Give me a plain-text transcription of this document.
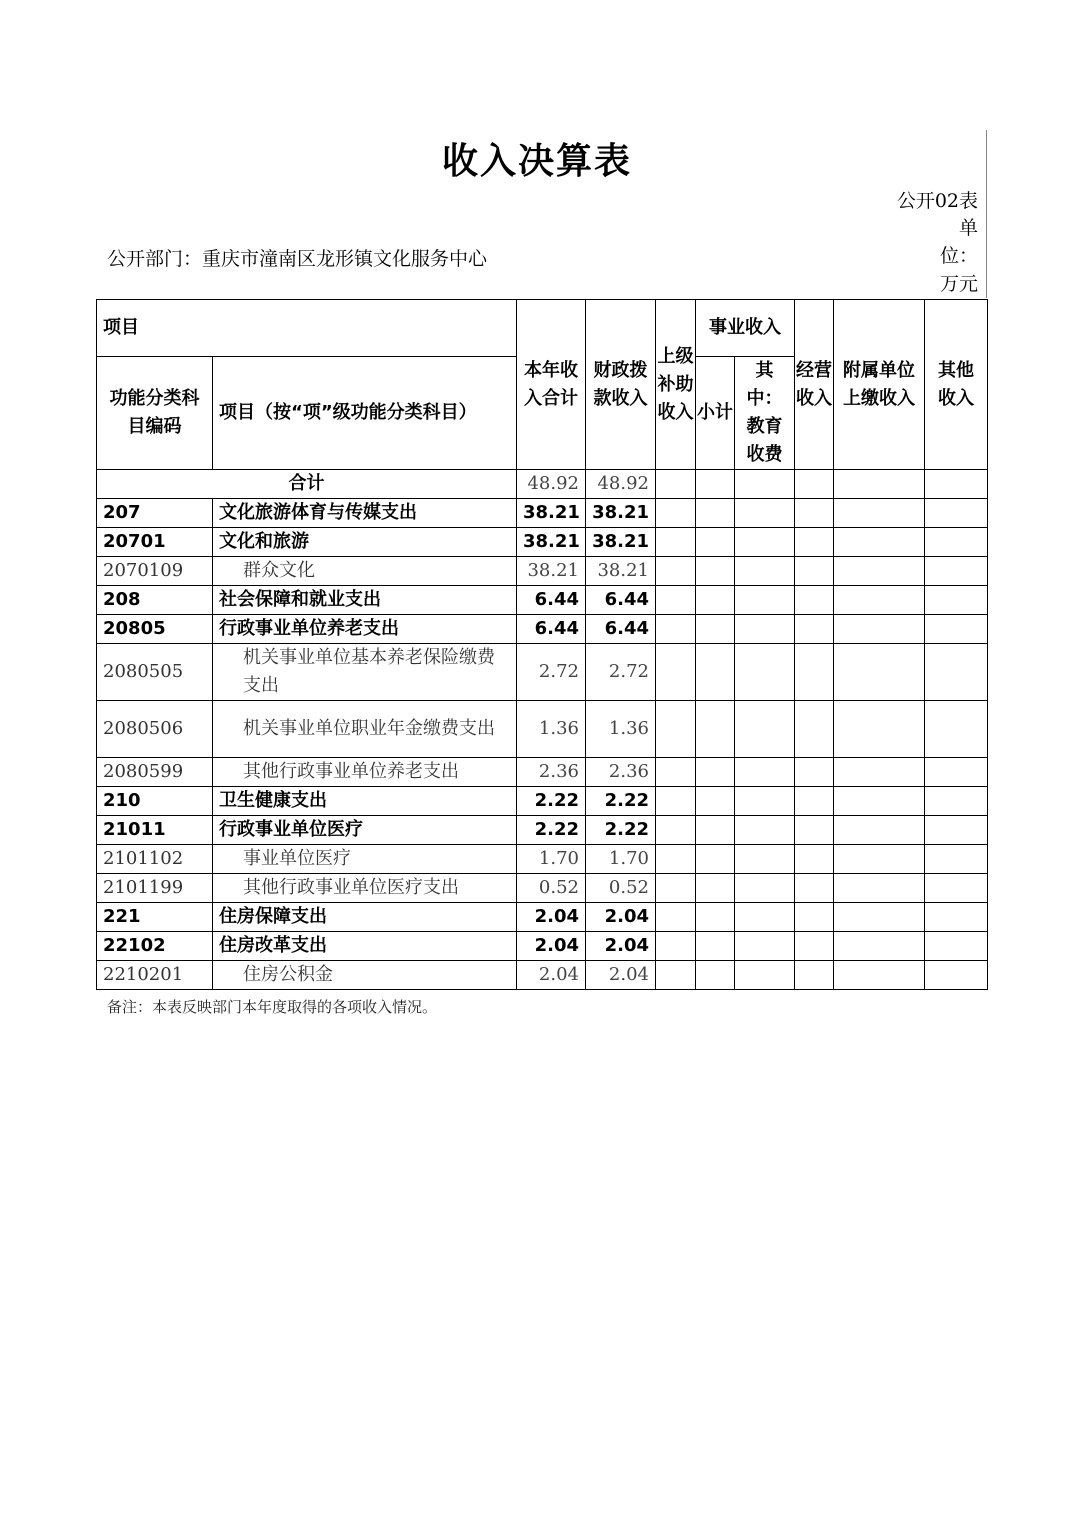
收入决算表
公开02表
单位：万元
公开部门：重庆市潼南区龙形镇文化服务中心
项目		本年收入合计	财政拨款收入	上级补助收入	事业收入		经营收入	附属单位上缴收入	其他收入
功能分类科目编码	项目（按“项”级功能分类科目）				小计	其中：教育收费			
合计		48.92	48.92						
207	文化旅游体育与传媒支出	38.21	38.21						
20701	文化和旅游	38.21	38.21						
2070109	群众文化	38.21	38.21						
208	社会保障和就业支出	6.44	6.44						
20805	行政事业单位养老支出	6.44	6.44						
2080505	机关事业单位基本养老保险缴费支出	2.72	2.72						
2080506	机关事业单位职业年金缴费支出	1.36	1.36						
2080599	其他行政事业单位养老支出	2.36	2.36						
210	卫生健康支出	2.22	2.22						
21011	行政事业单位医疗	2.22	2.22						
2101102	事业单位医疗	1.70	1.70						
2101199	其他行政事业单位医疗支出	0.52	0.52						
221	住房保障支出	2.04	2.04						
22102	住房改革支出	2.04	2.04						
2210201	住房公积金	2.04	2.04						
备注：本表反映部门本年度取得的各项收入情况。
